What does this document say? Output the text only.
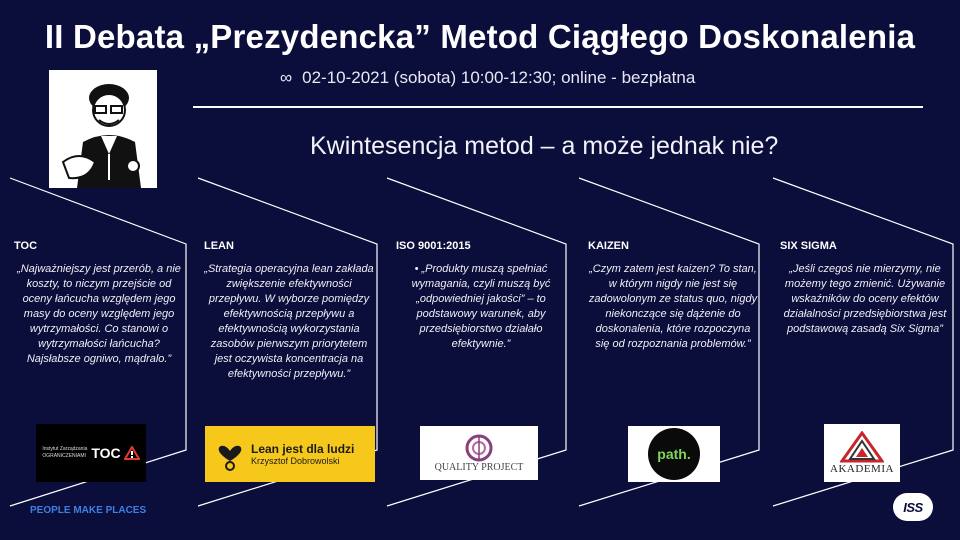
II Debata „Prezydencka” Metod Ciągłego Doskonalenia
∞ 02-10-2021 (sobota) 10:00-12:30; online - bezpłatna
Kwintesencja metod – a może jednak nie?
TOC
„Najważniejszy jest przerób, a nie koszty, to niczym przejście od oceny łańcucha względem jego masy do oceny względem jego wytrzymałości. Co stanowi o wytrzymałości łańcucha? Najsłabsze ogniwo, mądralo.”
Instytut Zarządzania
OGRANICZENIAMI TOC
LEAN
„Strategia operacyjna lean zakłada zwiększenie efektywności przepływu. W wyborze pomiędzy efektywnością przepływu a efektywnością wykorzystania zasobów pierwszym priorytetem jest oczywista koncentracja na efektywności przepływu.”
Lean jest dla ludzi
Krzysztof Dobrowolski
ISO 9001:2015
• „Produkty muszą spełniać wymagania, czyli muszą być „odpowiedniej jakości” – to podstawowy warunek, aby przedsiębiorstwo działało efektywnie.”
QUALITY PROJECT
KAIZEN
„Czym zatem jest kaizen? To stan, w którym nigdy nie jest się zadowolonym ze status quo, nigdy niekonczące się dążenie do doskonalenia, które rozpoczyna się od rozpoznania problemów.”
path.
SIX SIGMA
„Jeśli czegoś nie mierzymy, nie możemy tego zmienić. Używanie wskaźników do oceny efektów działalności przedsiębiorstwa jest podstawową zasadą Six Sigma”
AKADEMIA
PEOPLE MAKE PLACES	ISS
